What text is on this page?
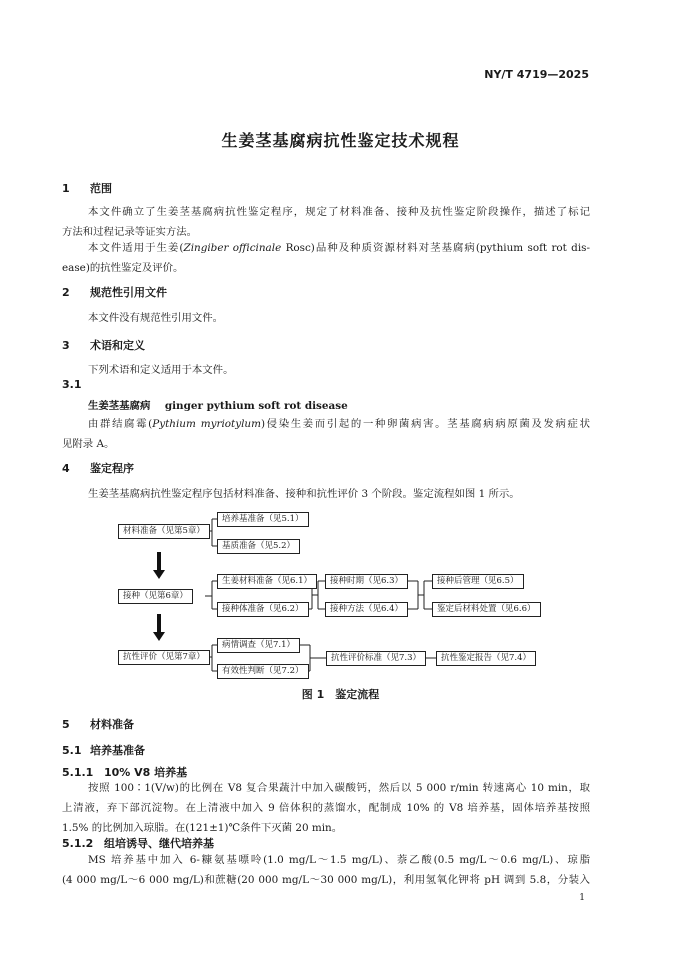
NY/T 4719—2025
生姜茎基腐病抗性鉴定技术规程
1 范围
本文件确立了生姜茎基腐病抗性鉴定程序，规定了材料准备、接种及抗性鉴定阶段操作，描述了标记
方法和过程记录等证实方法。
本文件适用于生姜(Zingiber officinale Rosc)品种及种质资源材料对茎基腐病(pythium soft rot dis-
ease)的抗性鉴定及评价。
2 规范性引用文件
本文件没有规范性引用文件。
3 术语和定义
下列术语和定义适用于本文件。
3.1
生姜茎基腐病 ginger pythium soft rot disease
由群结腐霉(Pythium myriotylum)侵染生姜而引起的一种卵菌病害。茎基腐病病原菌及发病症状
见附录 A。
4 鉴定程序
生姜茎基腐病抗性鉴定程序包括材料准备、接种和抗性评价 3 个阶段。鉴定流程如图 1 所示。
材料准备（见第5章）
接种（见第6章）
抗性评价（见第7章）
培养基准备（见5.1）
基质准备（见5.2）
生姜材料准备（见6.1）
接种体准备（见6.2）
接种时期（见6.3）
接种方法（见6.4）
接种后管理（见6.5）
鉴定后材料处置（见6.6）
病情调查（见7.1）
有效性判断（见7.2）
抗性评价标准（见7.3）	抗性鉴定报告（见7.4）
图 1　鉴定流程
5 材料准备
5.1 培养基准备
5.1.1 10% V8 培养基
按照 100∶1(V/w)的比例在 V8 复合果蔬汁中加入碳酸钙，然后以 5 000 r/min 转速离心 10 min，取
上清液，弃下部沉淀物。在上清液中加入 9 倍体积的蒸馏水，配制成 10% 的 V8 培养基，固体培养基按照
1.5% 的比例加入琼脂。在(121±1)℃条件下灭菌 20 min。
5.1.2 组培诱导、继代培养基
MS 培养基中加入 6-糠氨基嘌呤(1.0 mg/L～1.5 mg/L)、萘乙酸(0.5 mg/L～0.6 mg/L)、琼脂
(4 000 mg/L～6 000 mg/L)和蔗糖(20 000 mg/L～30 000 mg/L)，利用氢氧化钾将 pH 调到 5.8，分装入
1
